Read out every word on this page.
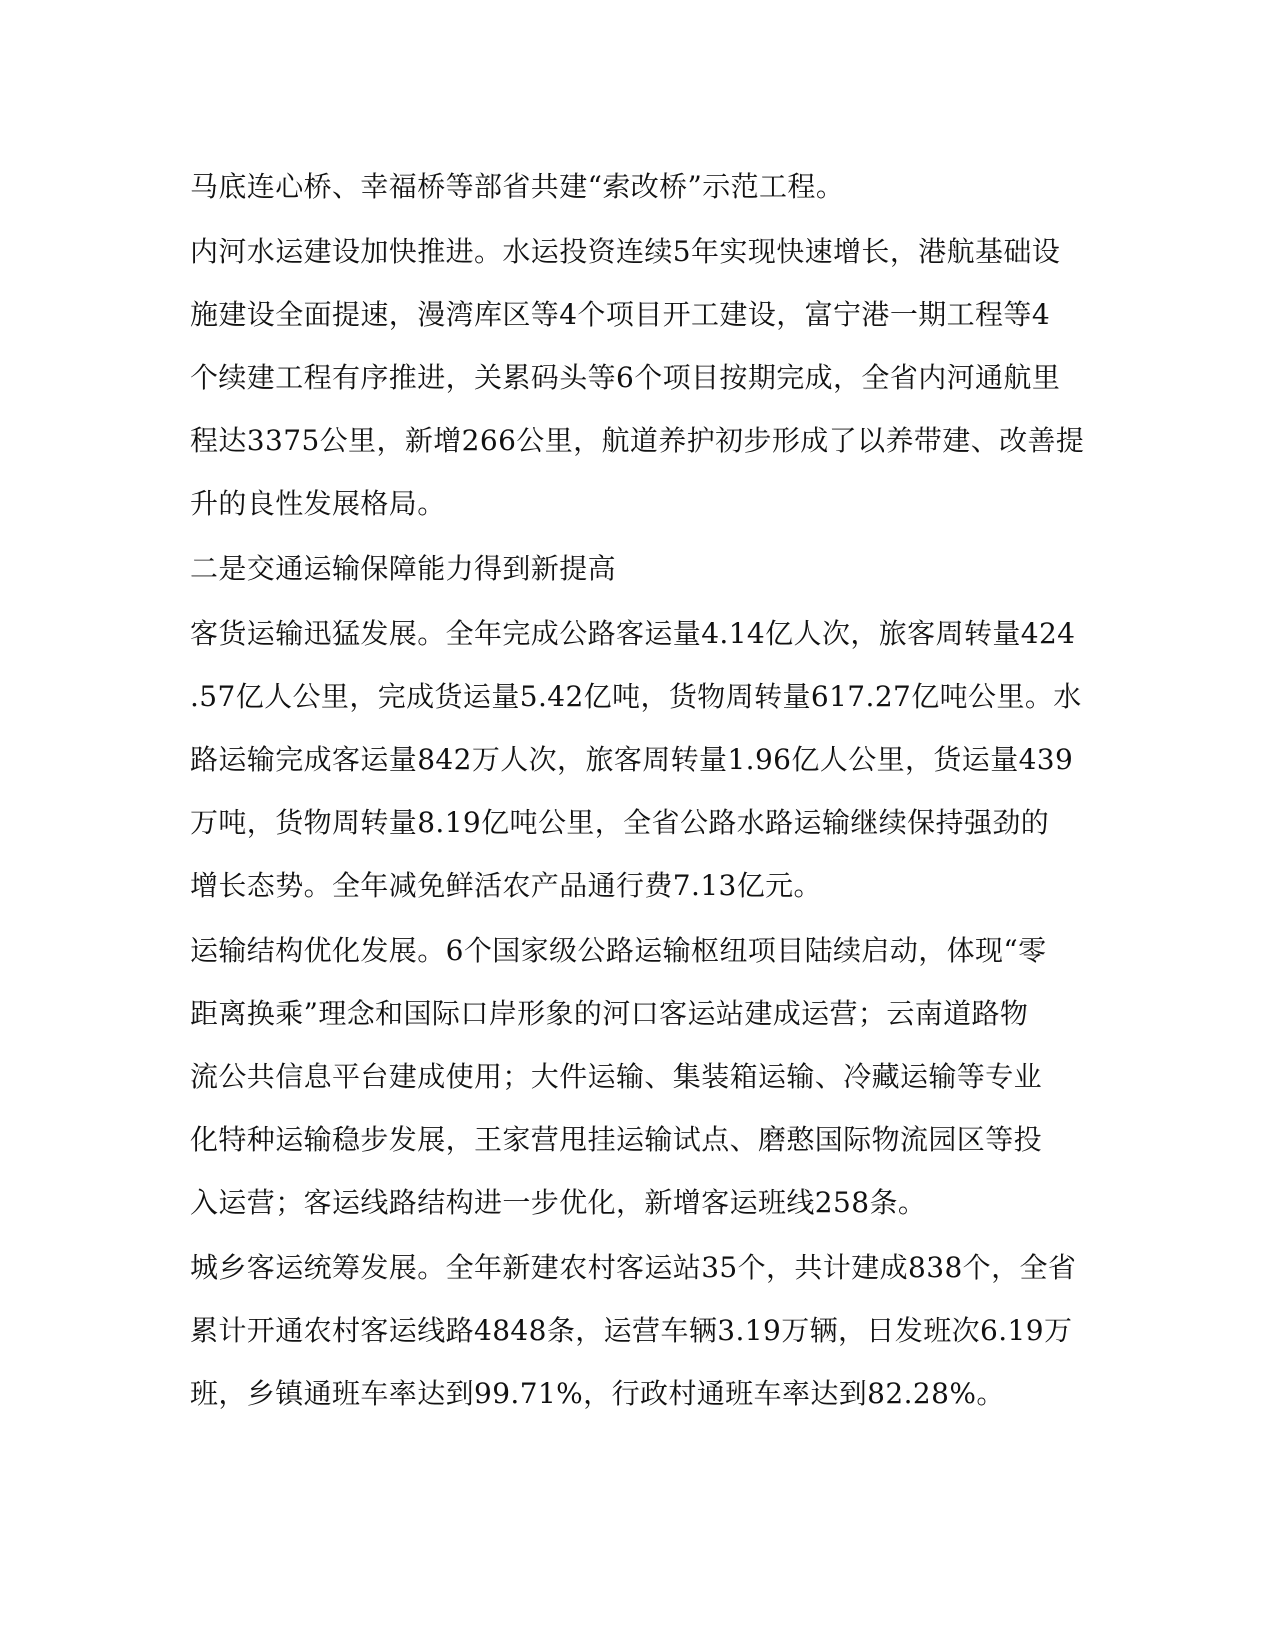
马底连心桥、幸福桥等部省共建“索改桥”示范工程。
内河水运建设加快推进。水运投资连续5年实现快速增长，港航基础设
施建设全面提速，漫湾库区等4个项目开工建设，富宁港一期工程等4
个续建工程有序推进，关累码头等6个项目按期完成，全省内河通航里
程达3375公里，新增266公里，航道养护初步形成了以养带建、改善提
升的良性发展格局。
二是交通运输保障能力得到新提高
客货运输迅猛发展。全年完成公路客运量4.14亿人次，旅客周转量424
.57亿人公里，完成货运量5.42亿吨，货物周转量617.27亿吨公里。水
路运输完成客运量842万人次，旅客周转量1.96亿人公里，货运量439
万吨，货物周转量8.19亿吨公里，全省公路水路运输继续保持强劲的
增长态势。全年减免鲜活农产品通行费7.13亿元。
运输结构优化发展。6个国家级公路运输枢纽项目陆续启动，体现“零
距离换乘”理念和国际口岸形象的河口客运站建成运营；云南道路物
流公共信息平台建成使用；大件运输、集装箱运输、冷藏运输等专业
化特种运输稳步发展，王家营甩挂运输试点、磨憨国际物流园区等投
入运营；客运线路结构进一步优化，新增客运班线258条。
城乡客运统筹发展。全年新建农村客运站35个，共计建成838个，全省
累计开通农村客运线路4848条，运营车辆3.19万辆，日发班次6.19万
班，乡镇通班车率达到99.71%，行政村通班车率达到82.28%。
